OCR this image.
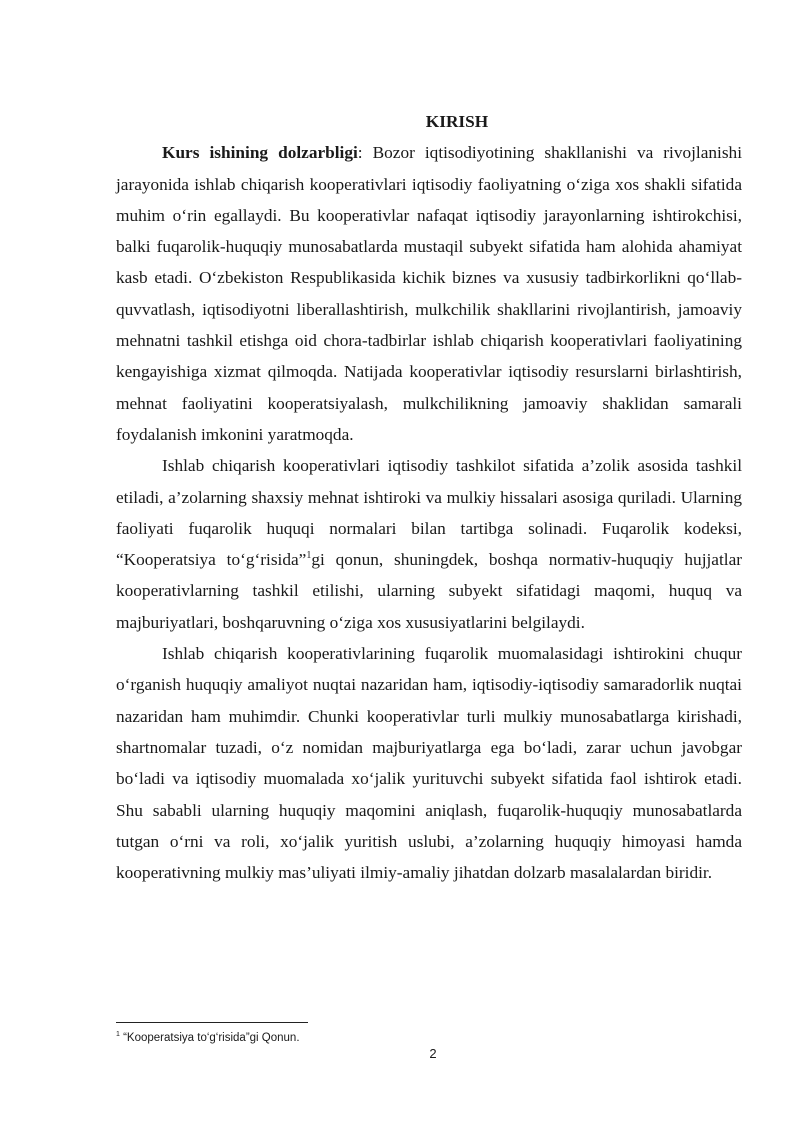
KIRISH

Kurs ishining dolzarbligi: Bozor iqtisodiyotining shakllanishi va rivojlanishi jarayonida ishlab chiqarish kooperativlari iqtisodiy faoliyatning o‘ziga xos shakli sifatida muhim o‘rin egallaydi. Bu kooperativlar nafaqat iqtisodiy jarayonlarning ishtirokchisi, balki fuqarolik-huquqiy munosabatlarda mustaqil subyekt sifatida ham alohida ahamiyat kasb etadi. O‘zbekiston Respublikasida kichik biznes va xususiy tadbirkorlikni qo‘llab-quvvatlash, iqtisodiyotni liberallashtirish, mulkchilik shakllarini rivojlantirish, jamoaviy mehnatni tashkil etishga oid chora-tadbirlar ishlab chiqarish kooperativlari faoliyatining kengayishiga xizmat qilmoqda. Natijada kooperativlar iqtisodiy resurslarni birlashtirish, mehnat faoliyatini kooperatsiyalash, mulkchilikning jamoaviy shaklidan samarali foydalanish imkonini yaratmoqda.

Ishlab chiqarish kooperativlari iqtisodiy tashkilot sifatida a’zolik asosida tashkil etiladi, a’zolarning shaxsiy mehnat ishtiroki va mulkiy hissalari asosiga quriladi. Ularning faoliyati fuqarolik huquqi normalari bilan tartibga solinadi. Fuqarolik kodeksi, “Kooperatsiya to‘g‘risida”$^1$gi qonun, shuningdek, boshqa normativ-huquqiy hujjatlar kooperativlarning tashkil etilishi, ularning subyekt sifatidagi maqomi, huquq va majburiyatlari, boshqaruvning o‘ziga xos xususiyatlarini belgilaydi.

Ishlab chiqarish kooperativlarining fuqarolik muomalasidagi ishtirokini chuqur o‘rganish huquqiy amaliyot nuqtai nazaridan ham, iqtisodiy-iqtisodiy samaradorlik nuqtai nazaridan ham muhimdir. Chunki kooperativlar turli mulkiy munosabatlarga kirishadi, shartnomalar tuzadi, o‘z nomidan majburiyatlarga ega bo‘ladi, zarar uchun javobgar bo‘ladi va iqtisodiy muomalada xo‘jalik yurituvchi subyekt sifatida faol ishtirok etadi. Shu sababli ularning huquqiy maqomini aniqlash, fuqarolik-huquqiy munosabatlarda tutgan o‘rni va roli, xo‘jalik yuritish uslubi, a’zolarning huquqiy himoyasi hamda kooperativning mulkiy mas’uliyati ilmiy-amaliy jihatdan dolzarb masalalardan biridir.

$^1$ “Kooperatsiya to‘g‘risida”gi Qonun.
2
